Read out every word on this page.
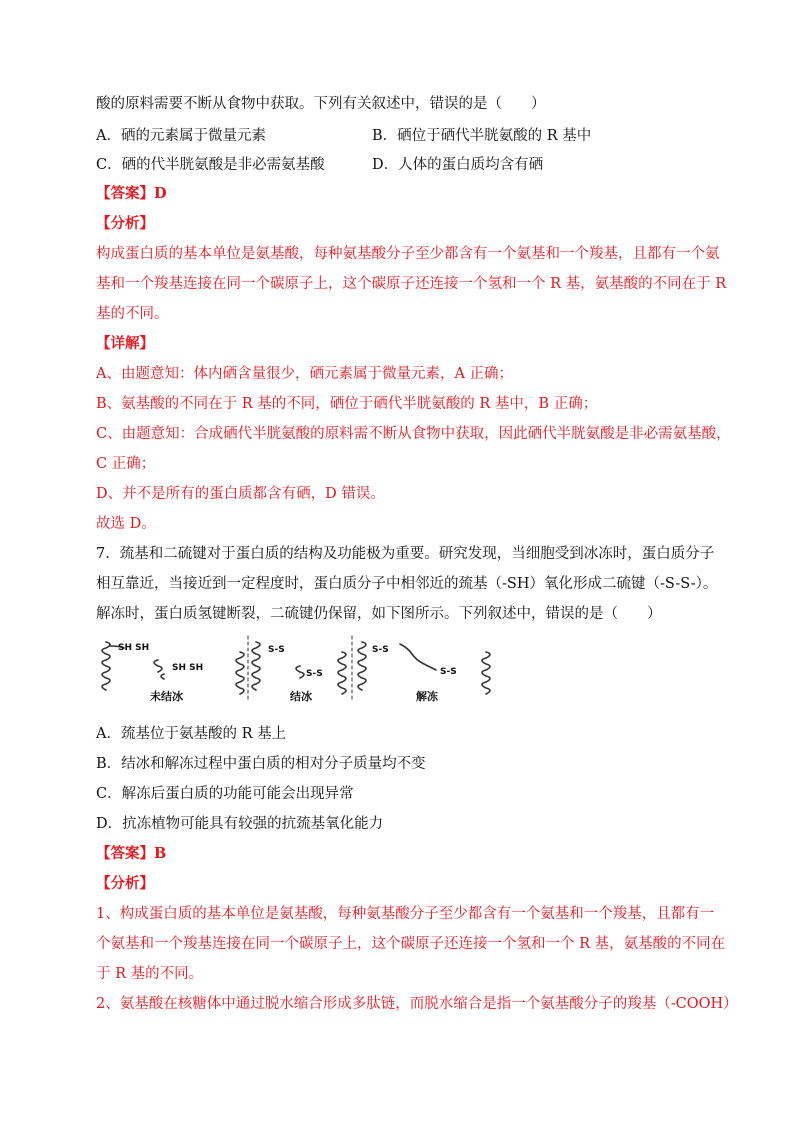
酸的原料需要不断从食物中获取。下列有关叙述中，错误的是（　　）
A．硒的元素属于微量元素	B．硒位于硒代半胱氨酸的 R 基中
C．硒的代半胱氨酸是非必需氨基酸	D．人体的蛋白质均含有硒
【答案】D
【分析】
构成蛋白质的基本单位是氨基酸，每种氨基酸分子至少都含有一个氨基和一个羧基，且都有一个氨
基和一个羧基连接在同一个碳原子上，这个碳原子还连接一个氢和一个 R 基，氨基酸的不同在于 R
基的不同。
【详解】
A、由题意知：体内硒含量很少，硒元素属于微量元素，A 正确；
B、氨基酸的不同在于 R 基的不同，硒位于硒代半胱氨酸的 R 基中，B 正确；
C、由题意知：合成硒代半胱氨酸的原料需不断从食物中获取，因此硒代半胱氨酸是非必需氨基酸，
C 正确；
D、并不是所有的蛋白质都含有硒，D 错误。
故选 D。
7．巯基和二硫键对于蛋白质的结构及功能极为重要。研究发现，当细胞受到冰冻时，蛋白质分子
相互靠近，当接近到一定程度时，蛋白质分子中相邻近的巯基（-SH）氧化形成二硫键（-S-S-）。
解冻时，蛋白质氢键断裂，二硫键仍保留，如下图所示。下列叙述中，错误的是（　　）
SH SH
SH SH
S-S
S-S
S-S
S-S
未结冰	结冰	解冻
A．巯基位于氨基酸的 R 基上
B．结冰和解冻过程中蛋白质的相对分子质量均不变
C．解冻后蛋白质的功能可能会出现异常
D．抗冻植物可能具有较强的抗巯基氧化能力
【答案】B
【分析】
1、构成蛋白质的基本单位是氨基酸，每种氨基酸分子至少都含有一个氨基和一个羧基，且都有一
个氨基和一个羧基连接在同一个碳原子上，这个碳原子还连接一个氢和一个 R 基，氨基酸的不同在
于 R 基的不同。
2、氨基酸在核糖体中通过脱水缩合形成多肽链，而脱水缩合是指一个氨基酸分子的羧基（-COOH）
